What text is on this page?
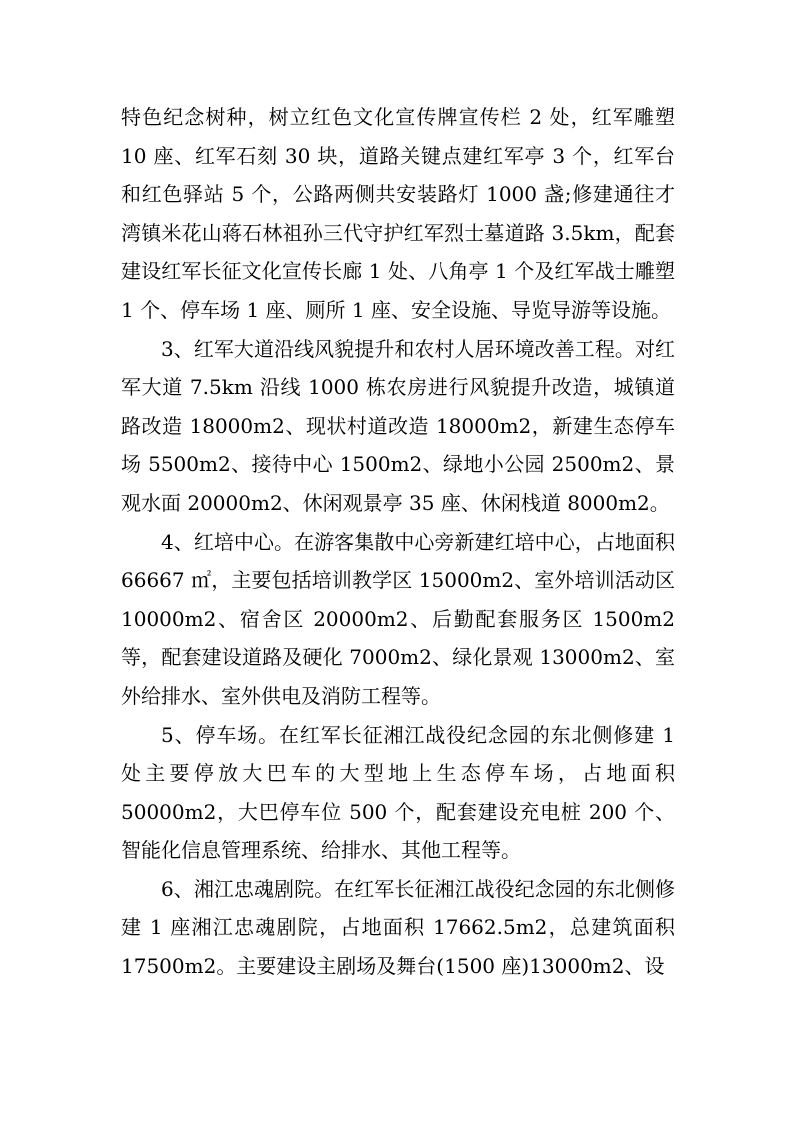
特色纪念树种，树立红色文化宣传牌宣传栏 2 处，红军雕塑 10 座、红军石刻 30 块，道路关键点建红军亭 3 个，红军台和红色驿站 5 个，公路两侧共安装路灯 1000 盏;修建通往才湾镇米花山蒋石林祖孙三代守护红军烈士墓道路 3.5km，配套建设红军长征文化宣传长廊 1 处、八角亭 1 个及红军战士雕塑 1 个、停车场 1 座、厕所 1 座、安全设施、导览导游等设施。

3、红军大道沿线风貌提升和农村人居环境改善工程。对红军大道 7.5km 沿线 1000 栋农房进行风貌提升改造，城镇道路改造 18000m2、现状村道改造 18000m2，新建生态停车场 5500m2、接待中心 1500m2、绿地小公园 2500m2、景观水面 20000m2、休闲观景亭 35 座、休闲栈道 8000m2。

4、红培中心。在游客集散中心旁新建红培中心，占地面积 66667 ㎡，主要包括培训教学区 15000m2、室外培训活动区 10000m2、宿舍区 20000m2、后勤配套服务区 1500m2等，配套建设道路及硬化 7000m2、绿化景观 13000m2、室外给排水、室外供电及消防工程等。

5、停车场。在红军长征湘江战役纪念园的东北侧修建 1 处主要停放大巴车的大型地上生态停车场，占地面积 50000m2，大巴停车位 500 个，配套建设充电桩 200 个、智能化信息管理系统、给排水、其他工程等。

6、湘江忠魂剧院。在红军长征湘江战役纪念园的东北侧修建 1 座湘江忠魂剧院，占地面积 17662.5m2，总建筑面积 17500m2。主要建设主剧场及舞台(1500 座)13000m2、设
